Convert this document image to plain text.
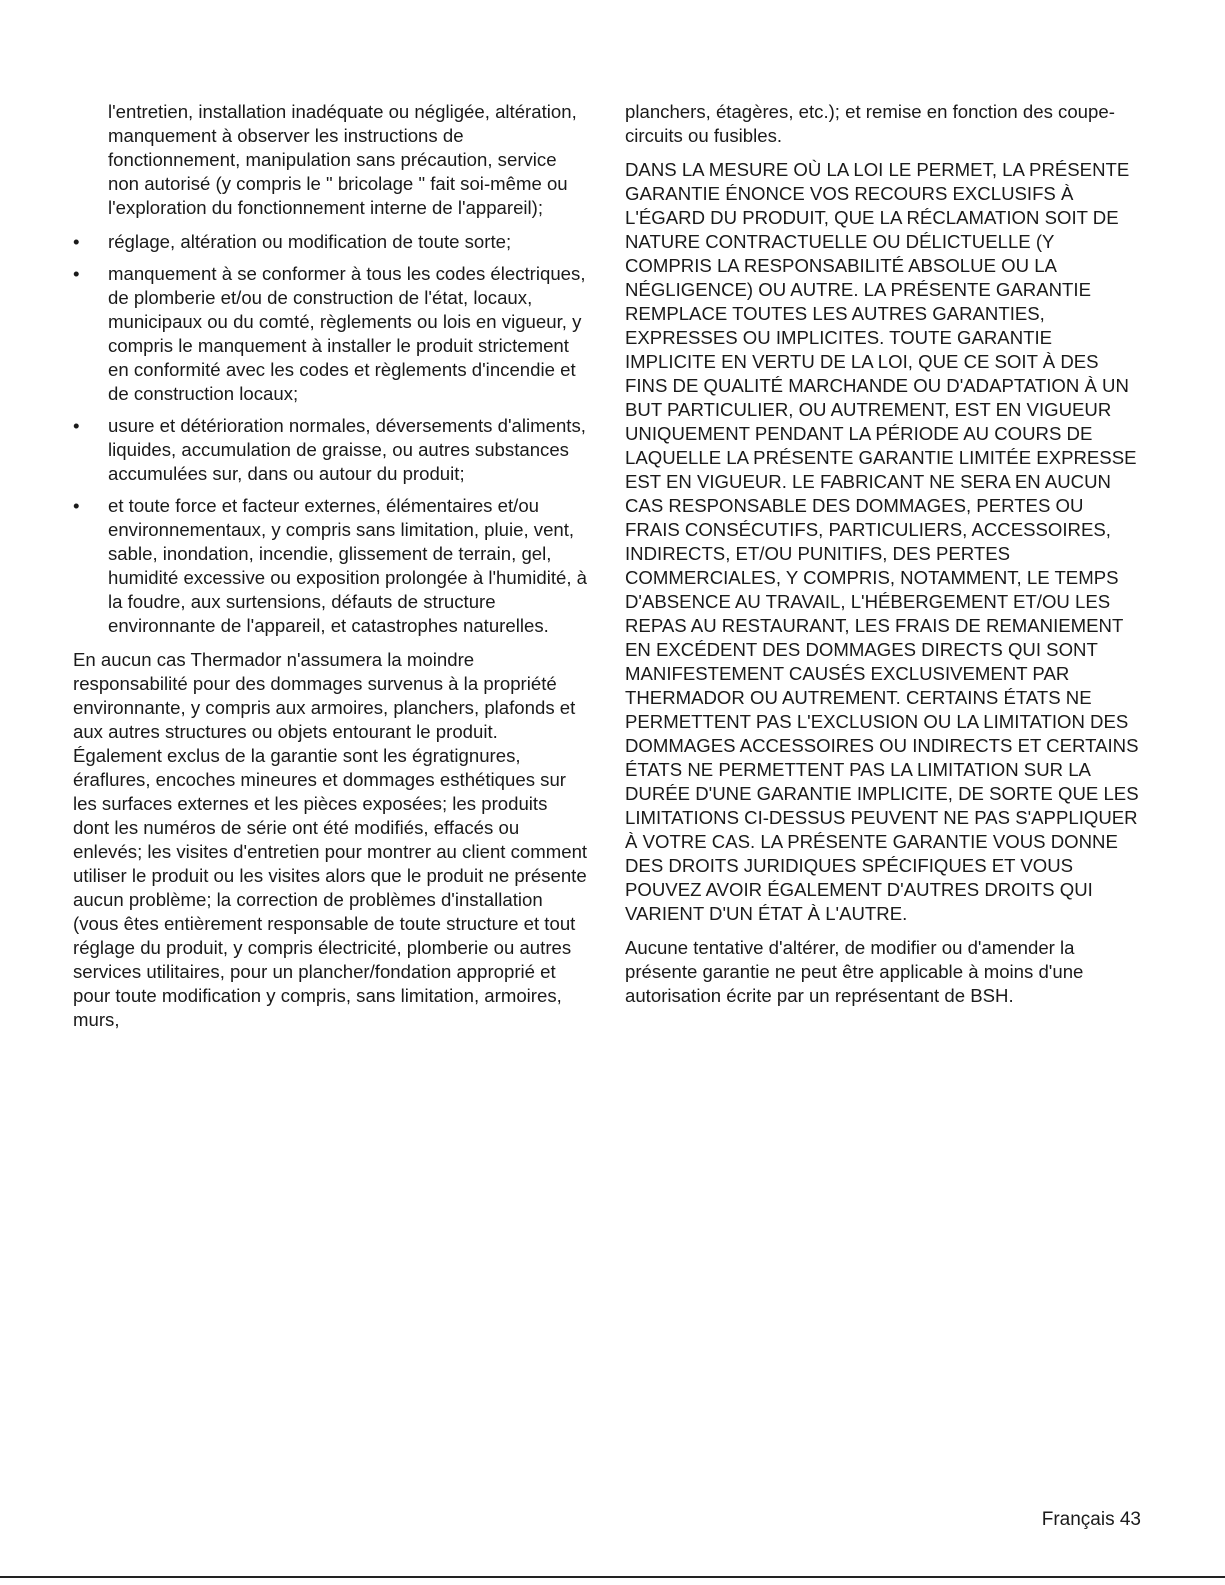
l'entretien, installation inadéquate ou négligée, altération, manquement à observer les instructions de fonctionnement, manipulation sans précaution, service non autorisé (y compris le " bricolage " fait soi-même ou l'exploration du fonctionnement interne de l'appareil);

• réglage, altération ou modification de toute sorte;
• manquement à se conformer à tous les codes électriques, de plomberie et/ou de construction de l'état, locaux, municipaux ou du comté, règlements ou lois en vigueur, y compris le manquement à installer le produit strictement en conformité avec les codes et règlements d'incendie et de construction locaux;
• usure et détérioration normales, déversements d'aliments, liquides, accumulation de graisse, ou autres substances accumulées sur, dans ou autour du produit;
• et toute force et facteur externes, élémentaires et/ou environnementaux, y compris sans limitation, pluie, vent, sable, inondation, incendie, glissement de terrain, gel, humidité excessive ou exposition prolongée à l'humidité, à la foudre, aux surtensions, défauts de structure environnante de l'appareil, et catastrophes naturelles.

En aucun cas Thermador n'assumera la moindre responsabilité pour des dommages survenus à la propriété environnante, y compris aux armoires, planchers, plafonds et aux autres structures ou objets entourant le produit. Également exclus de la garantie sont les égratignures, éraflures, encoches mineures et dommages esthétiques sur les surfaces externes et les pièces exposées; les produits dont les numéros de série ont été modifiés, effacés ou enlevés; les visites d'entretien pour montrer au client comment utiliser le produit ou les visites alors que le produit ne présente aucun problème; la correction de problèmes d'installation (vous êtes entièrement responsable de toute structure et tout réglage du produit, y compris électricité, plomberie ou autres services utilitaires, pour un plancher/fondation approprié et pour toute modification y compris, sans limitation, armoires, murs,

planchers, étagères, etc.); et remise en fonction des coupe-circuits ou fusibles.

DANS LA MESURE OÙ LA LOI LE PERMET, LA PRÉSENTE GARANTIE ÉNONCE VOS RECOURS EXCLUSIFS À L'ÉGARD DU PRODUIT, QUE LA RÉCLAMATION SOIT DE NATURE CONTRACTUELLE OU DÉLICTUELLE (Y COMPRIS LA RESPONSABILITÉ ABSOLUE OU LA NÉGLIGENCE) OU AUTRE. LA PRÉSENTE GARANTIE REMPLACE TOUTES LES AUTRES GARANTIES, EXPRESSES OU IMPLICITES. TOUTE GARANTIE IMPLICITE EN VERTU DE LA LOI, QUE CE SOIT À DES FINS DE QUALITÉ MARCHANDE OU D'ADAPTATION À UN BUT PARTICULIER, OU AUTREMENT, EST EN VIGUEUR UNIQUEMENT PENDANT LA PÉRIODE AU COURS DE LAQUELLE LA PRÉSENTE GARANTIE LIMITÉE EXPRESSE EST EN VIGUEUR. LE FABRICANT NE SERA EN AUCUN CAS RESPONSABLE DES DOMMAGES, PERTES OU FRAIS CONSÉCUTIFS, PARTICULIERS, ACCESSOIRES, INDIRECTS, ET/OU PUNITIFS, DES PERTES COMMERCIALES, Y COMPRIS, NOTAMMENT, LE TEMPS D'ABSENCE AU TRAVAIL, L'HÉBERGEMENT ET/OU LES REPAS AU RESTAURANT, LES FRAIS DE REMANIEMENT EN EXCÉDENT DES DOMMAGES DIRECTS QUI SONT MANIFESTEMENT CAUSÉS EXCLUSIVEMENT PAR THERMADOR OU AUTREMENT. CERTAINS ÉTATS NE PERMETTENT PAS L'EXCLUSION OU LA LIMITATION DES DOMMAGES ACCESSOIRES OU INDIRECTS ET CERTAINS ÉTATS NE PERMETTENT PAS LA LIMITATION SUR LA DURÉE D'UNE GARANTIE IMPLICITE, DE SORTE QUE LES LIMITATIONS CI-DESSUS PEUVENT NE PAS S'APPLIQUER À VOTRE CAS. LA PRÉSENTE GARANTIE VOUS DONNE DES DROITS JURIDIQUES SPÉCIFIQUES ET VOUS POUVEZ AVOIR ÉGALEMENT D'AUTRES DROITS QUI VARIENT D'UN ÉTAT À L'AUTRE.

Aucune tentative d'altérer, de modifier ou d'amender la présente garantie ne peut être applicable à moins d'une autorisation écrite par un représentant de BSH.

Français 43
